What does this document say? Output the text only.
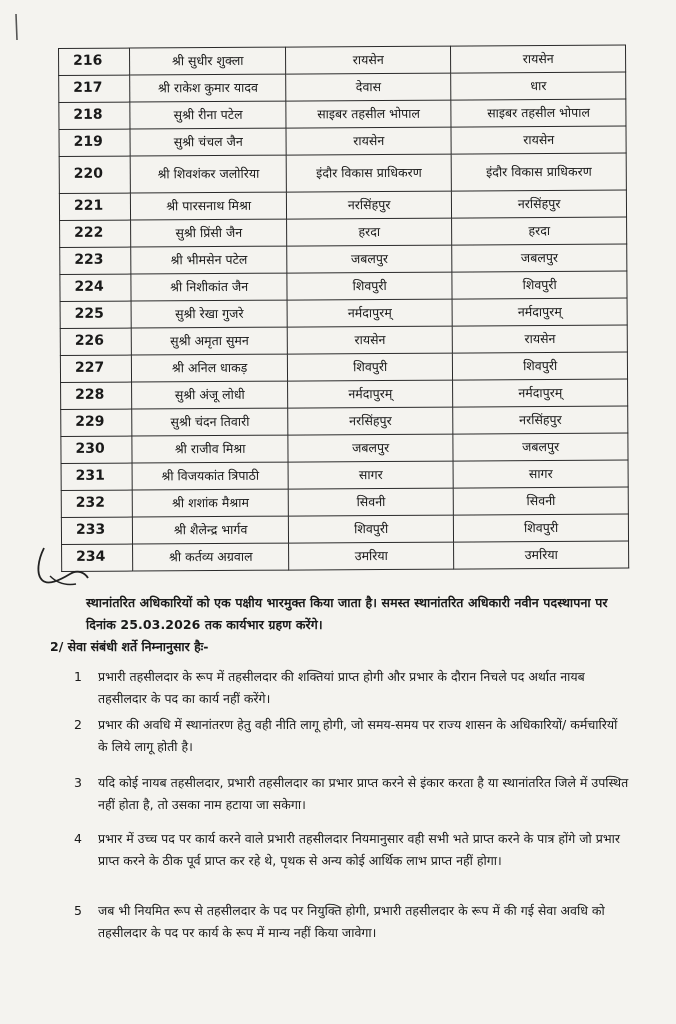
216	श्री सुधीर शुक्ला	रायसेन	रायसेन
217	श्री राकेश कुमार यादव	देवास	धार
218	सुश्री रीना पटेल	साइबर तहसील भोपाल	साइबर तहसील भोपाल
219	सुश्री चंचल जैन	रायसेन	रायसेन
220	श्री शिवशंकर जलोरिया	इंदौर विकास प्राधिकरण	इंदौर विकास प्राधिकरण
221	श्री पारसनाथ मिश्रा	नरसिंहपुर	नरसिंहपुर
222	सुश्री प्रिंसी जैन	हरदा	हरदा
223	श्री भीमसेन पटेल	जबलपुर	जबलपुर
224	श्री निशीकांत जैन	शिवपुरी	शिवपुरी
225	सुश्री रेखा गुजरे	नर्मदापुरम्	नर्मदापुरम्
226	सुश्री अमृता सुमन	रायसेन	रायसेन
227	श्री अनिल धाकड़	शिवपुरी	शिवपुरी
228	सुश्री अंजू लोधी	नर्मदापुरम्	नर्मदापुरम्
229	सुश्री चंदन तिवारी	नरसिंहपुर	नरसिंहपुर
230	श्री राजीव मिश्रा	जबलपुर	जबलपुर
231	श्री विजयकांत त्रिपाठी	सागर	सागर
232	श्री शशांक मैश्राम	सिवनी	सिवनी
233	श्री शैलेन्द्र भार्गव	शिवपुरी	शिवपुरी
234	श्री कर्तव्य अग्रवाल	उमरिया	उमरिया
स्थानांतरित अधिकारियों को एक पक्षीय भारमुक्त किया जाता है। समस्त स्थानांतरित अधिकारी नवीन पदस्थापना पर दिनांक 25.03.2026 तक कार्यभार ग्रहण करेंगे।
2/ सेवा संबंधी शर्ते निम्नानुसार हैः-
1	प्रभारी तहसीलदार के रूप में तहसीलदार की शक्तियां प्राप्त होगी और प्रभार के दौरान निचले पद अर्थात नायब तहसीलदार के पद का कार्य नहीं करेंगे।
2	प्रभार की अवधि में स्थानांतरण हेतु वही नीति लागू होगी, जो समय-समय पर राज्य शासन के अधिकारियों/ कर्मचारियों के लिये लागू होती है।
3	यदि कोई नायब तहसीलदार, प्रभारी तहसीलदार का प्रभार प्राप्त करने से इंकार करता है या स्थानांतरित जिले में उपस्थित नहीं होता है, तो उसका नाम हटाया जा सकेगा।
4	प्रभार में उच्च पद पर कार्य करने वाले प्रभारी तहसीलदार नियमानुसार वही सभी भते प्राप्त करने के पात्र होंगे जो प्रभार प्राप्त करने के ठीक पूर्व प्राप्त कर रहे थे, पृथक से अन्य कोई आर्थिक लाभ प्राप्त नहीं होगा।
5	जब भी नियमित रूप से तहसीलदार के पद पर नियुक्ति होगी, प्रभारी तहसीलदार के रूप में की गई सेवा अवधि को तहसीलदार के पद पर कार्य के रूप में मान्य नहीं किया जावेगा।
